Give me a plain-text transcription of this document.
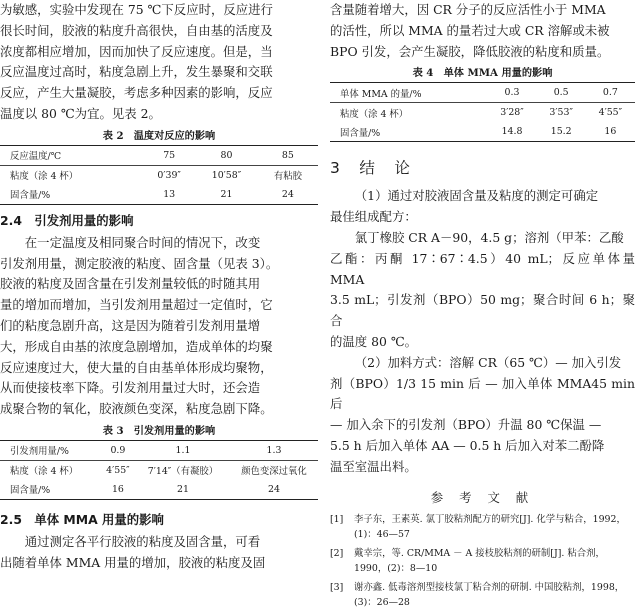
为敏感，实验中发现在 75 ℃下反应时，反应进行
很长时间，胶液的粘度升高很快，自由基的活度及
浓度都相应增加，因而加快了反应速度。但是，当
反应温度过高时，粘度急剧上升，发生暴聚和交联
反应，产生大量凝胶，考虑多种因素的影响，反应
温度以 80 ℃为宜。见表 2。

表 2　温度对反应的影响
反应温度/℃	75	80	85
粘度（涂 4 杯）	0′39″	10′58″	有粘胶
固含量/%	13	21	24
2.4　引发剂用量的影响

在一定温度及相同聚合时间的情况下，改变
引发剂用量，测定胶液的粘度、固含量（见表 3）。
胶液的粘度及固含量在引发剂量较低的时随其用
量的增加而增加，当引发剂用量超过一定值时，它
们的粘度急剧升高，这是因为随着引发剂用量增
大，形成自由基的浓度急剧增加，造成单体的均聚
反应速度过大，使大量的自由基单体形成均聚物，
从而使接枝率下降。引发剂用量过大时，还会造
成聚合物的氧化，胶液颜色变深，粘度急剧下降。

表 3　引发剂用量的影响
引发剂用量/%	0.9	1.1	1.3
粘度（涂 4 杯）	4′55″	7′14″（有凝胶）	颜色变深过氧化
固含量/%	16	21	24
2.5　单体 MMA 用量的影响

通过测定各平行胶液的粘度及固含量，可看
出随着单体 MMA 用量的增加，胶液的粘度及固

含量随着增大，因 CR 分子的反应活性小于 MMA
的活性，所以 MMA 的量若过大或 CR 溶解或未被
BPO 引发，会产生凝胶，降低胶液的粘度和质量。

表 4　单体 MMA 用量的影响
单体 MMA 的量/%	0.3	0.5	0.7
粘度（涂 4 杯）	3′28″	3′53″	4′55″
固含量/%	14.8	15.2	16
3　结　论

（1）通过对胶液固含量及粘度的测定可确定
最佳组成配方：
氯丁橡胶 CR A－90，4.5 g；溶剂（甲苯：乙酸
乙酯：丙酮 17∶67∶4.5）40 mL；反应单体量 MMA
3.5 mL；引发剂（BPO）50 mg；聚合时间 6 h；聚合
的温度 80 ℃。

（2）加料方式：溶解 CR（65 ℃）— 加入引发
剂（BPO）1/3 15 min 后 — 加入单体 MMA45 min 后
— 加入余下的引发剂（BPO）升温 80 ℃保温 —
5.5 h 后加入单体 AA — 0.5 h 后加入对苯二酚降
温至室温出料。

参 考 文 献
[1]	李子东，王素英. 氯丁胶粘剂配方的研究[J]. 化学与粘合，1992，(1)：46—57
[2]	戴幸宗，等. CR/MMA － A 接枝胶粘剂的研制[J]. 粘合剂，1990，(2)：8—10
[3]	谢亦鑫. 低毒溶剂型接枝氯丁粘合剂的研制. 中国胶粘剂，1998，(3)：26—28
